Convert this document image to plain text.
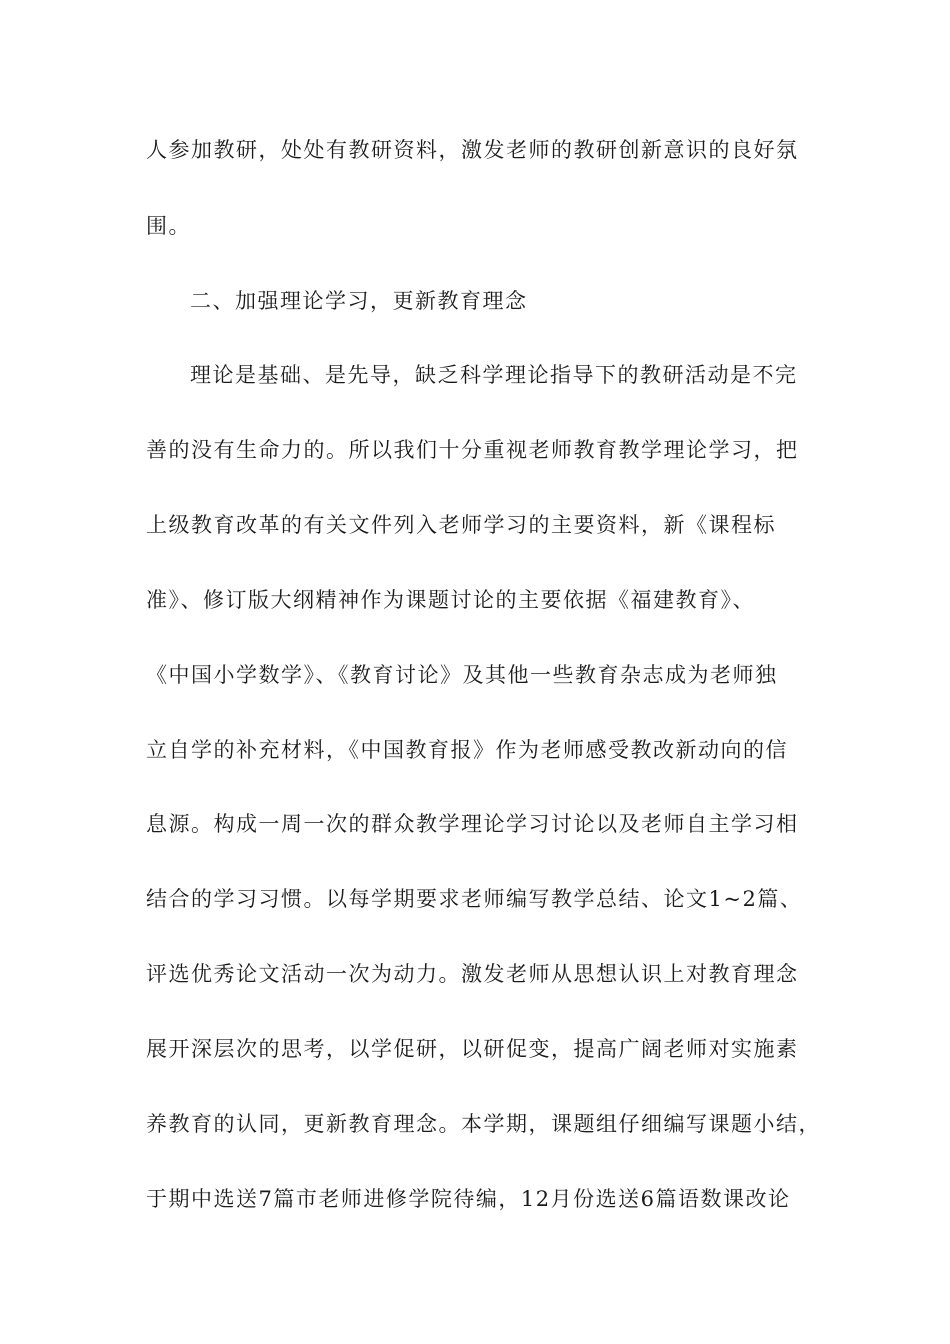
人参加教研，处处有教研资料，激发老师的教研创新意识的良好氛
围。
二、加强理论学习，更新教育理念
理论是基础、是先导，缺乏科学理论指导下的教研活动是不完
善的没有生命力的。所以我们十分重视老师教育教学理论学习，把
上级教育改革的有关文件列入老师学习的主要资料，新《课程标
准》、修订版大纲精神作为课题讨论的主要依据《福建教育》、
《中国小学数学》、《教育讨论》及其他一些教育杂志成为老师独
立自学的补充材料，《中国教育报》作为老师感受教改新动向的信
息源。构成一周一次的群众教学理论学习讨论以及老师自主学习相
结合的学习习惯。以每学期要求老师编写教学总结、论文1~2篇、
评选优秀论文活动一次为动力。激发老师从思想认识上对教育理念
展开深层次的思考，以学促研，以研促变，提高广阔老师对实施素
养教育的认同，更新教育理念。本学期，课题组仔细编写课题小结，
于期中选送7篇市老师进修学院待编，12月份选送6篇语数课改论
